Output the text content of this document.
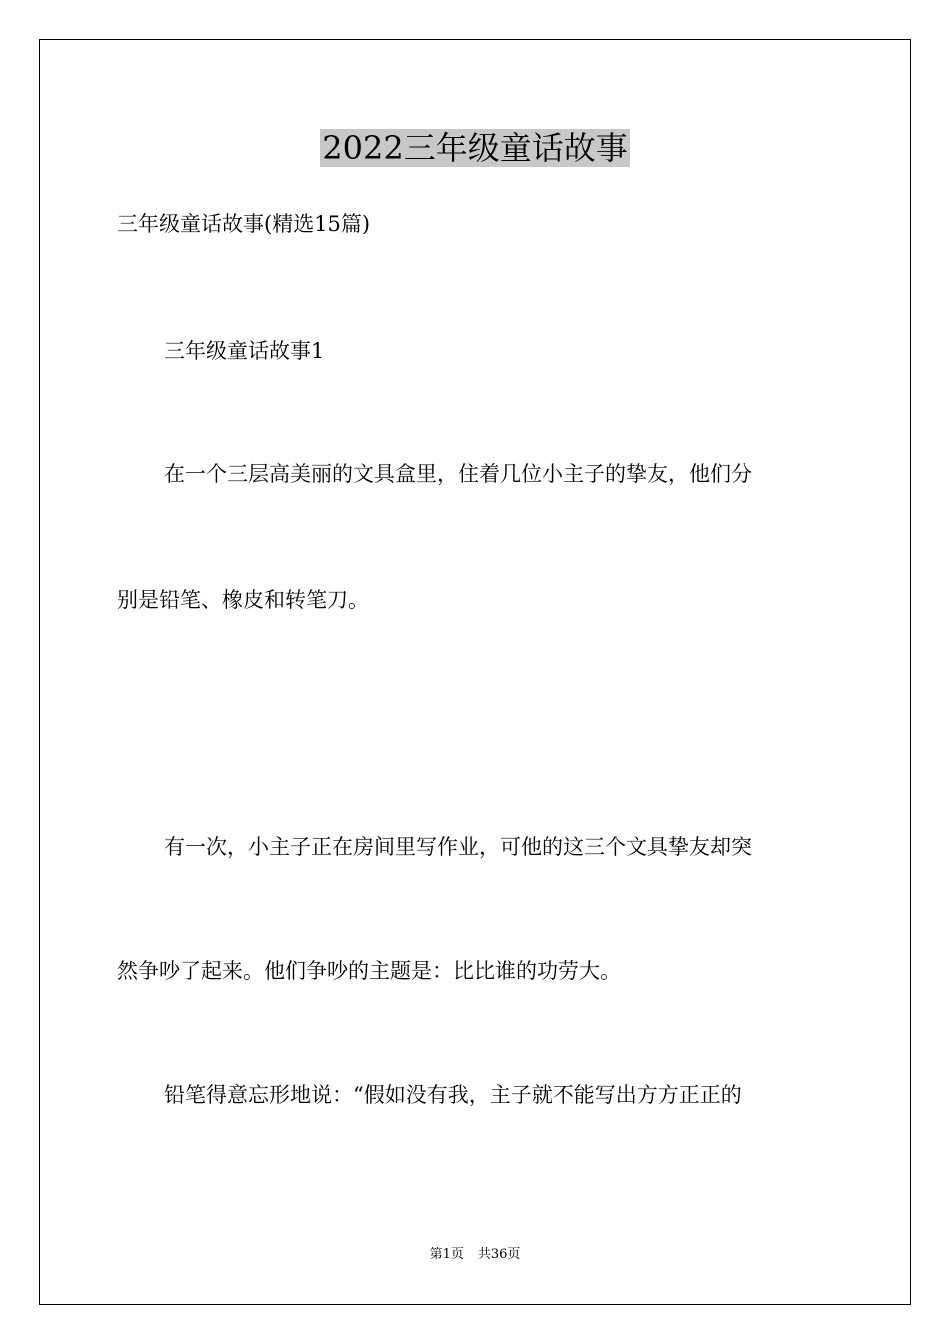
2022三年级童话故事
三年级童话故事(精选15篇)
三年级童话故事1
在一个三层高美丽的文具盒里，住着几位小主子的挚友，他们分
别是铅笔、橡皮和转笔刀。
有一次，小主子正在房间里写作业，可他的这三个文具挚友却突
然争吵了起来。他们争吵的主题是：比比谁的功劳大。
铅笔得意忘形地说：“假如没有我，主子就不能写出方方正正的
第1页 共36页
